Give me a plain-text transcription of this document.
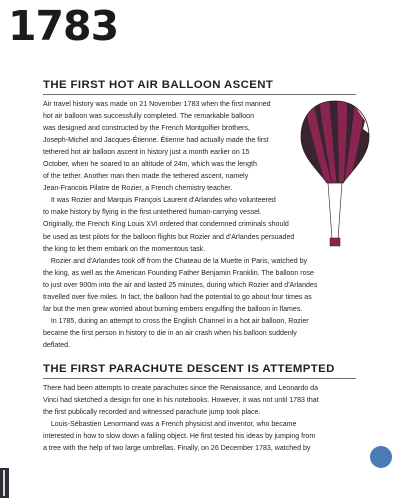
1783
THE FIRST HOT AIR BALLOON ASCENT
Air travel history was made on 21 November 1783 when the first manned
hot air balloon was successfully completed. The remarkable balloon
was designed and constructed by the French Montgolfier brothers,
Joseph-Michel and Jacques-Étienne. Étienne had actually made the first
tethered hot air balloon ascent in history just a month earlier on 15
October, when he soared to an altitude of 24m, which was the length
of the tether. Another man then made the tethered ascent, namely
Jean-Francois Pilatre de Rozier, a French chemistry teacher.
It was Rozier and Marquis François Laurent d'Arlandes who volunteered
to make history by flying in the first untethered human-carrying vessel.
Originally, the French King Louis XVI ordered that condemned criminals should
be used as test pilots for the balloon flights but Rozier and d'Arlandes persuaded
the king to let them embark on the momentous task.
Rozier and d'Arlandes took off from the Chateau de la Muette in Paris, watched by
the king, as well as the American Founding Father Benjamin Franklin. The balloon rose
to just over 900m into the air and lasted 25 minutes, during which Rozier and d'Arlandes
travelled over five miles. In fact, the balloon had the potential to go about four times as
far but the men grew worried about burning embers engulfing the balloon in flames.
In 1785, during an attempt to cross the English Channel in a hot air balloon, Rozier
became the first person in history to die in an air crash when his balloon suddenly
deflated.
THE FIRST PARACHUTE DESCENT IS ATTEMPTED
There had been attempts to create parachutes since the Renaissance, and Leonardo da
Vinci had sketched a design for one in his notebooks. However, it was not until 1783 that
the first publically recorded and witnessed parachute jump took place.
Louis-Sébastien Lenormand was a French physicist and inventor, who became
interested in how to slow down a falling object. He first tested his ideas by jumping from
a tree with the help of two large umbrellas. Finally, on 26 December 1783, watched by
